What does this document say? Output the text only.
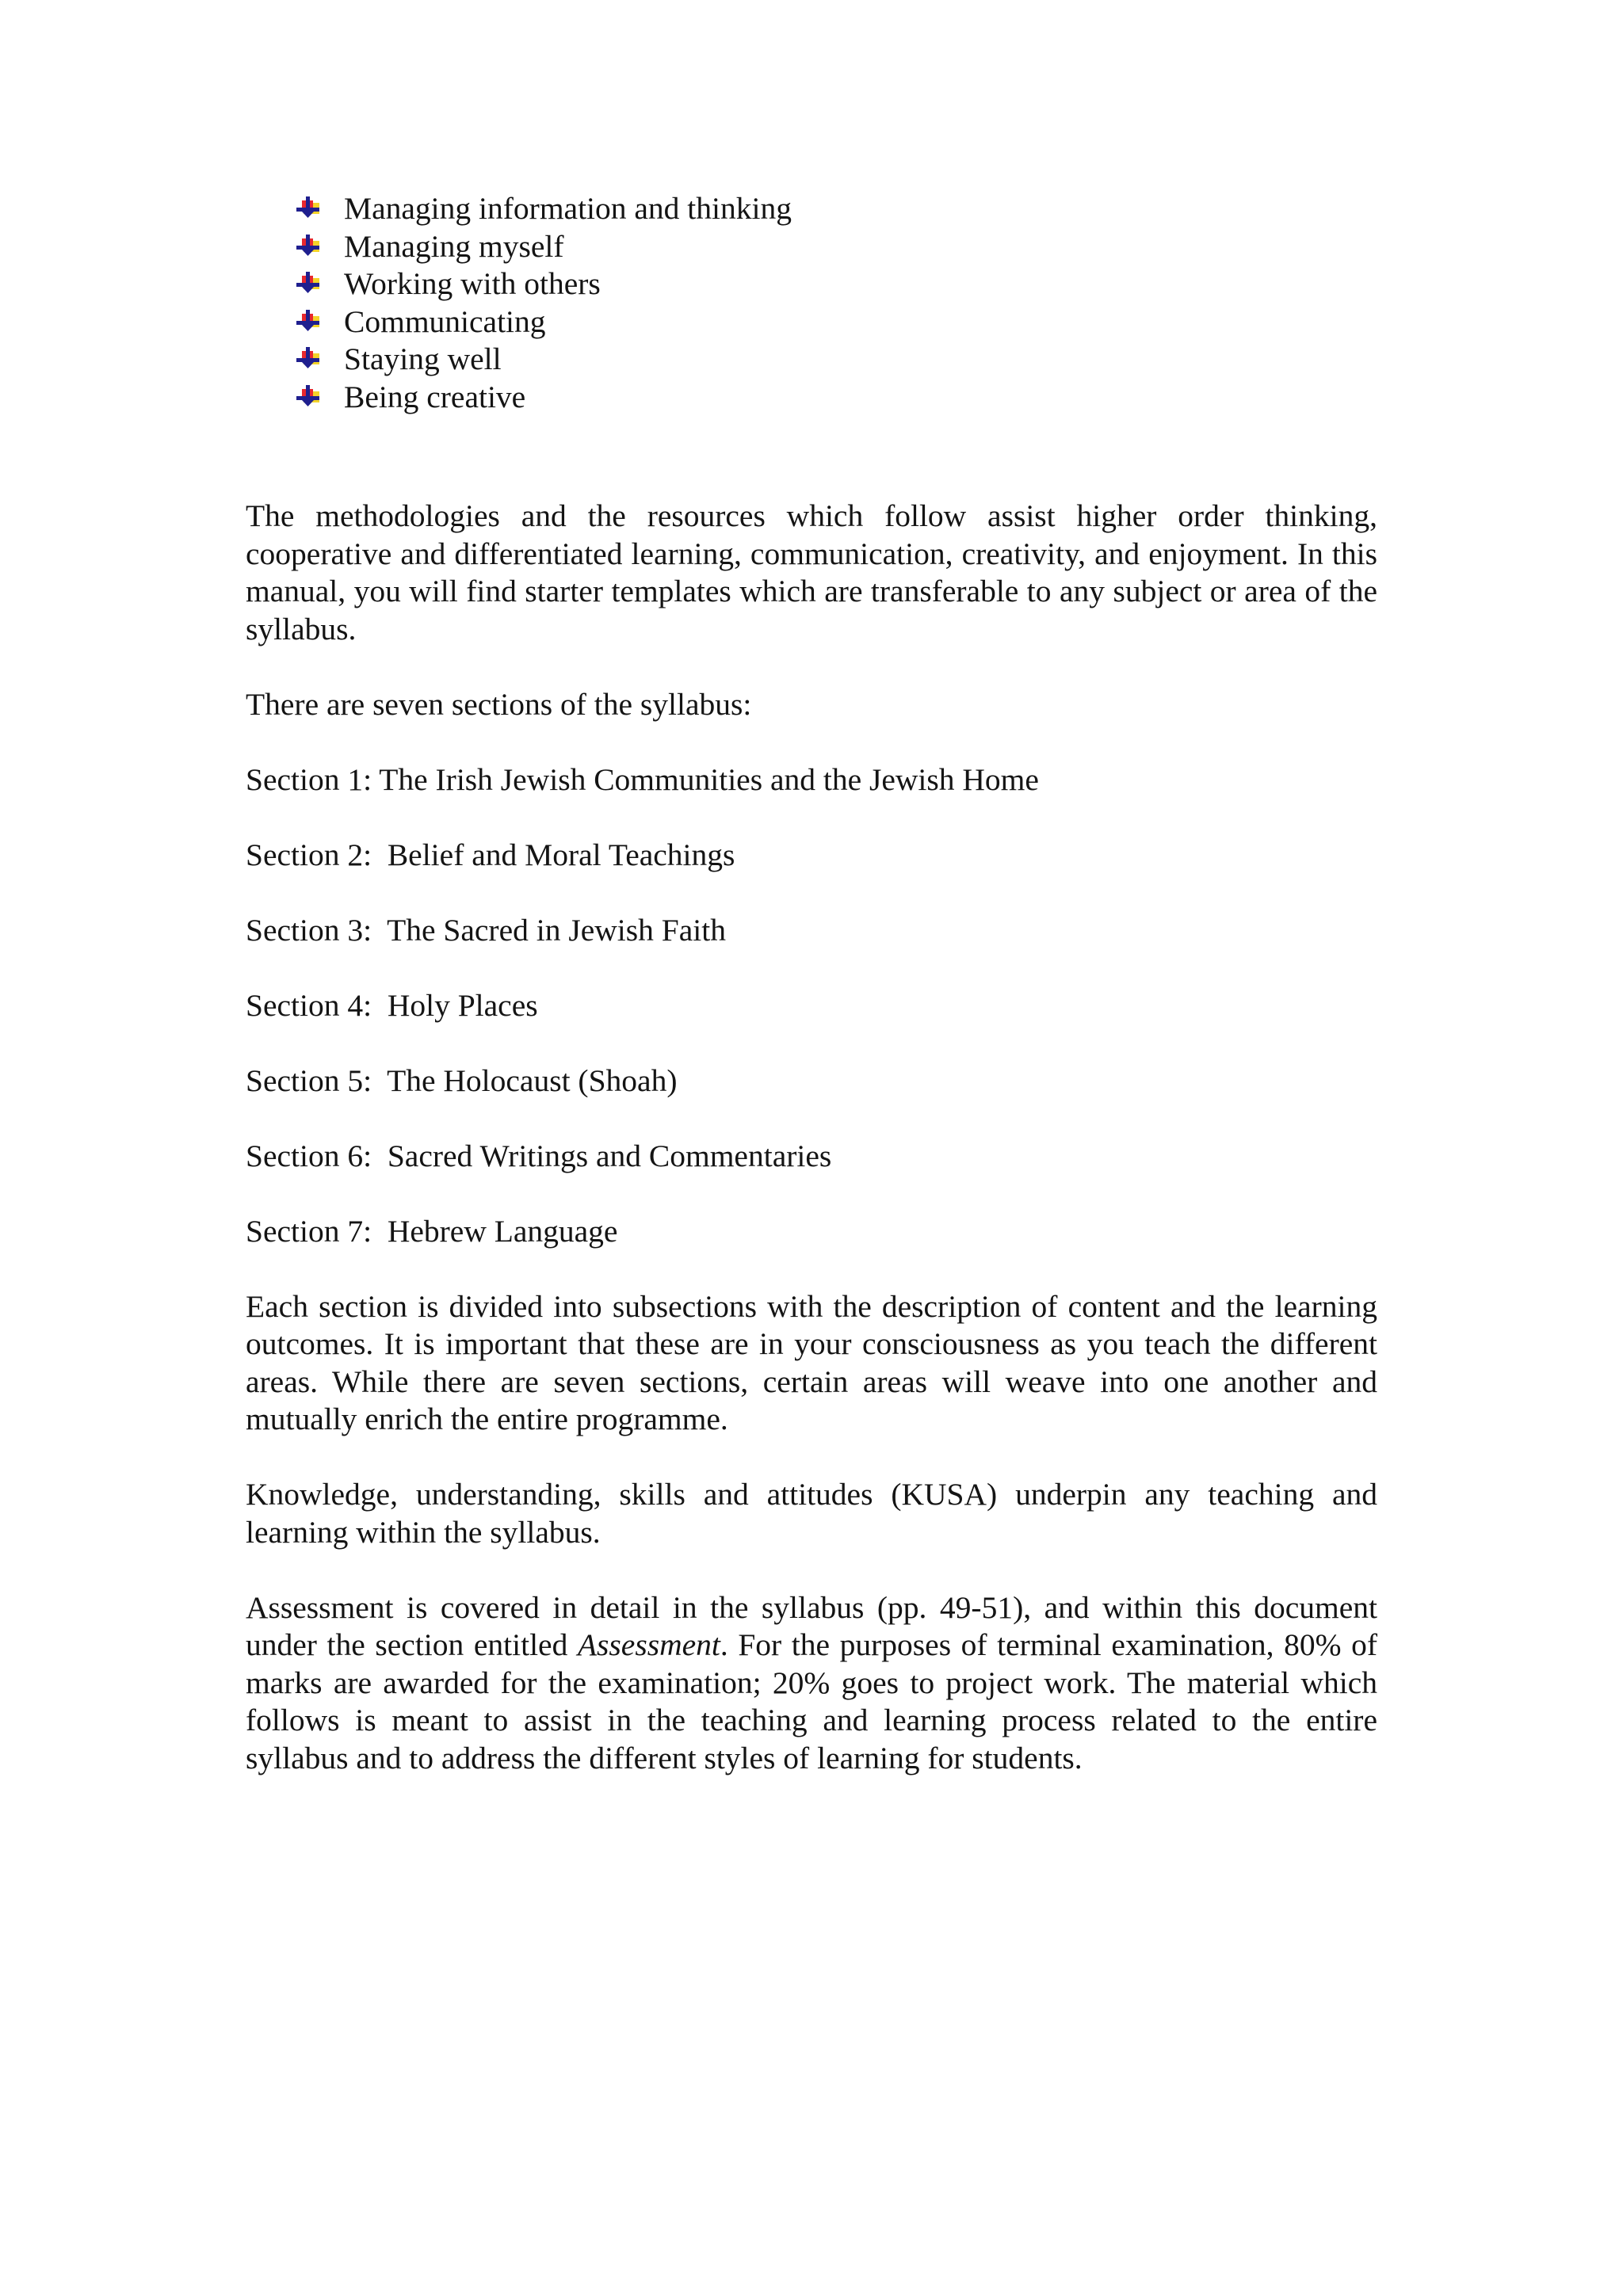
Managing information and thinking
Managing myself
Working with others
Communicating
Staying well
Being creative

The methodologies and the resources which follow assist higher order thinking, cooperative and differentiated learning, communication, creativity, and enjoyment. In this manual, you will find starter templates which are transferable to any subject or area of the syllabus.

There are seven sections of the syllabus:

Section 1: The Irish Jewish Communities and the Jewish Home

Section 2:  Belief and Moral Teachings

Section 3:  The Sacred in Jewish Faith

Section 4:  Holy Places

Section 5:  The Holocaust (Shoah)

Section 6:  Sacred Writings and Commentaries

Section 7:  Hebrew Language

Each section is divided into subsections with the description of content and the learning outcomes. It is important that these are in your consciousness as you teach the different areas. While there are seven sections, certain areas will weave into one another and mutually enrich the entire programme.

Knowledge, understanding, skills and attitudes (KUSA) underpin any teaching and learning within the syllabus.

Assessment is covered in detail in the syllabus (pp. 49-51), and within this document under the section entitled Assessment. For the purposes of terminal examination, 80% of marks are awarded for the examination; 20% goes to project work. The material which follows is meant to assist in the teaching and learning process related to the entire syllabus and to address the different styles of learning for students.
